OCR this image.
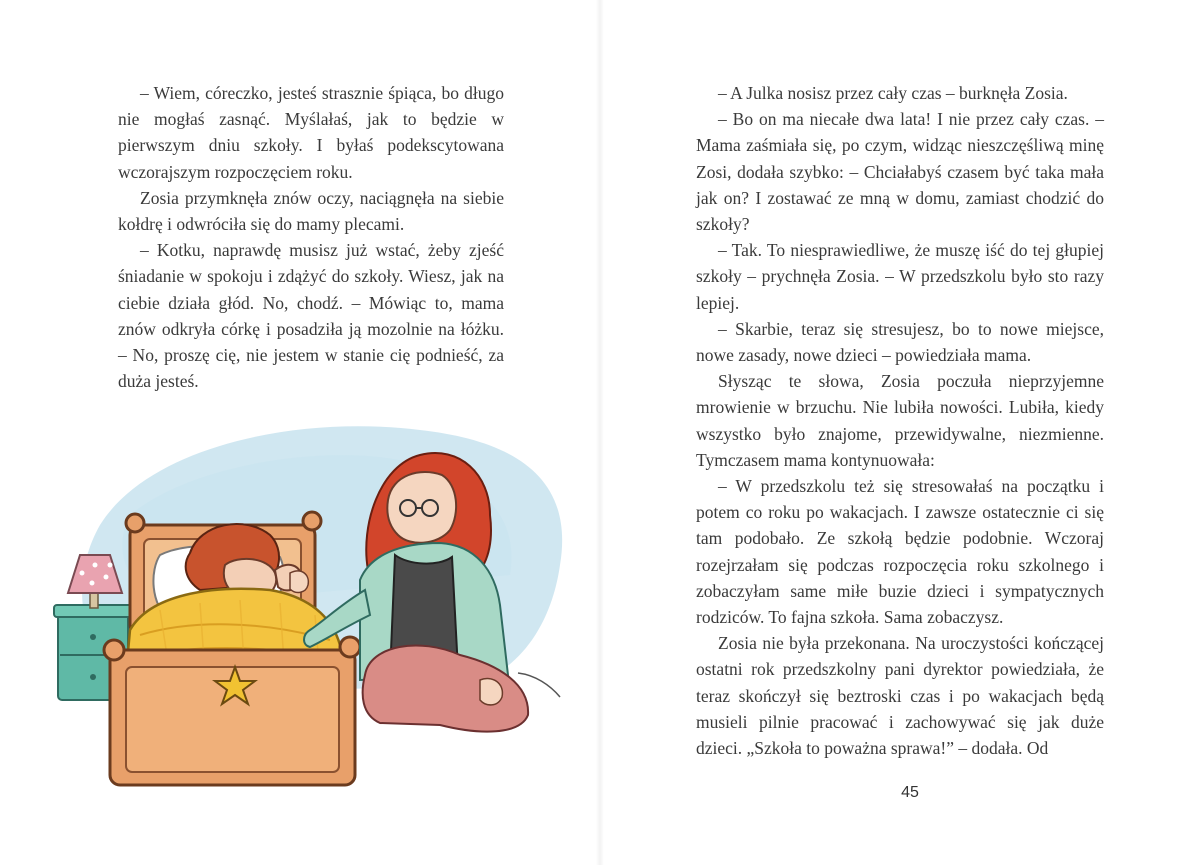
– Wiem, córeczko, jesteś strasznie śpiąca, bo długo nie mogłaś zasnąć. Myślałaś, jak to będzie w pierwszym dniu szkoły. I byłaś podekscytowana wczorajszym rozpoczęciem roku.

Zosia przymknęła znów oczy, naciągnęła na siebie kołdrę i odwróciła się do mamy plecami.

– Kotku, naprawdę musisz już wstać, żeby zjeść śniadanie w spokoju i zdążyć do szkoły. Wiesz, jak na ciebie działa głód. No, chodź. – Mówiąc to, mama znów odkryła córkę i posadziła ją mozolnie na łóżku. – No, proszę cię, nie jestem w stanie cię podnieść, za duża jesteś.

– A Julka nosisz przez cały czas – burknęła Zosia.

– Bo on ma niecałe dwa lata! I nie przez cały czas. – Mama zaśmiała się, po czym, widząc nieszczęśliwą minę Zosi, dodała szybko: – Chciałabyś czasem być taka mała jak on? I zostawać ze mną w domu, zamiast chodzić do szkoły?

– Tak. To niesprawiedliwe, że muszę iść do tej głupiej szkoły – prychnęła Zosia. – W przedszkolu było sto razy lepiej.

– Skarbie, teraz się stresujesz, bo to nowe miejsce, nowe zasady, nowe dzieci – powiedziała mama.

Słysząc te słowa, Zosia poczuła nieprzyjemne mrowienie w brzuchu. Nie lubiła nowości. Lubiła, kiedy wszystko było znajome, przewidywalne, niezmienne. Tymczasem mama kontynuowała:

– W przedszkolu też się stresowałaś na początku i potem co roku po wakacjach. I zawsze ostatecznie ci się tam podobało. Ze szkołą będzie podobnie. Wczoraj rozejrzałam się podczas rozpoczęcia roku szkolnego i zobaczyłam same miłe buzie dzieci i sympatycznych rodziców. To fajna szkoła. Sama zobaczysz.

Zosia nie była przekonana. Na uroczystości kończącej ostatni rok przedszkolny pani dyrektor powiedziała, że teraz skończył się beztroski czas i po wakacjach będą musieli pilnie pracować i zachowywać się jak duże dzieci. „Szkoła to poważna sprawa!” – dodała. Od

45
